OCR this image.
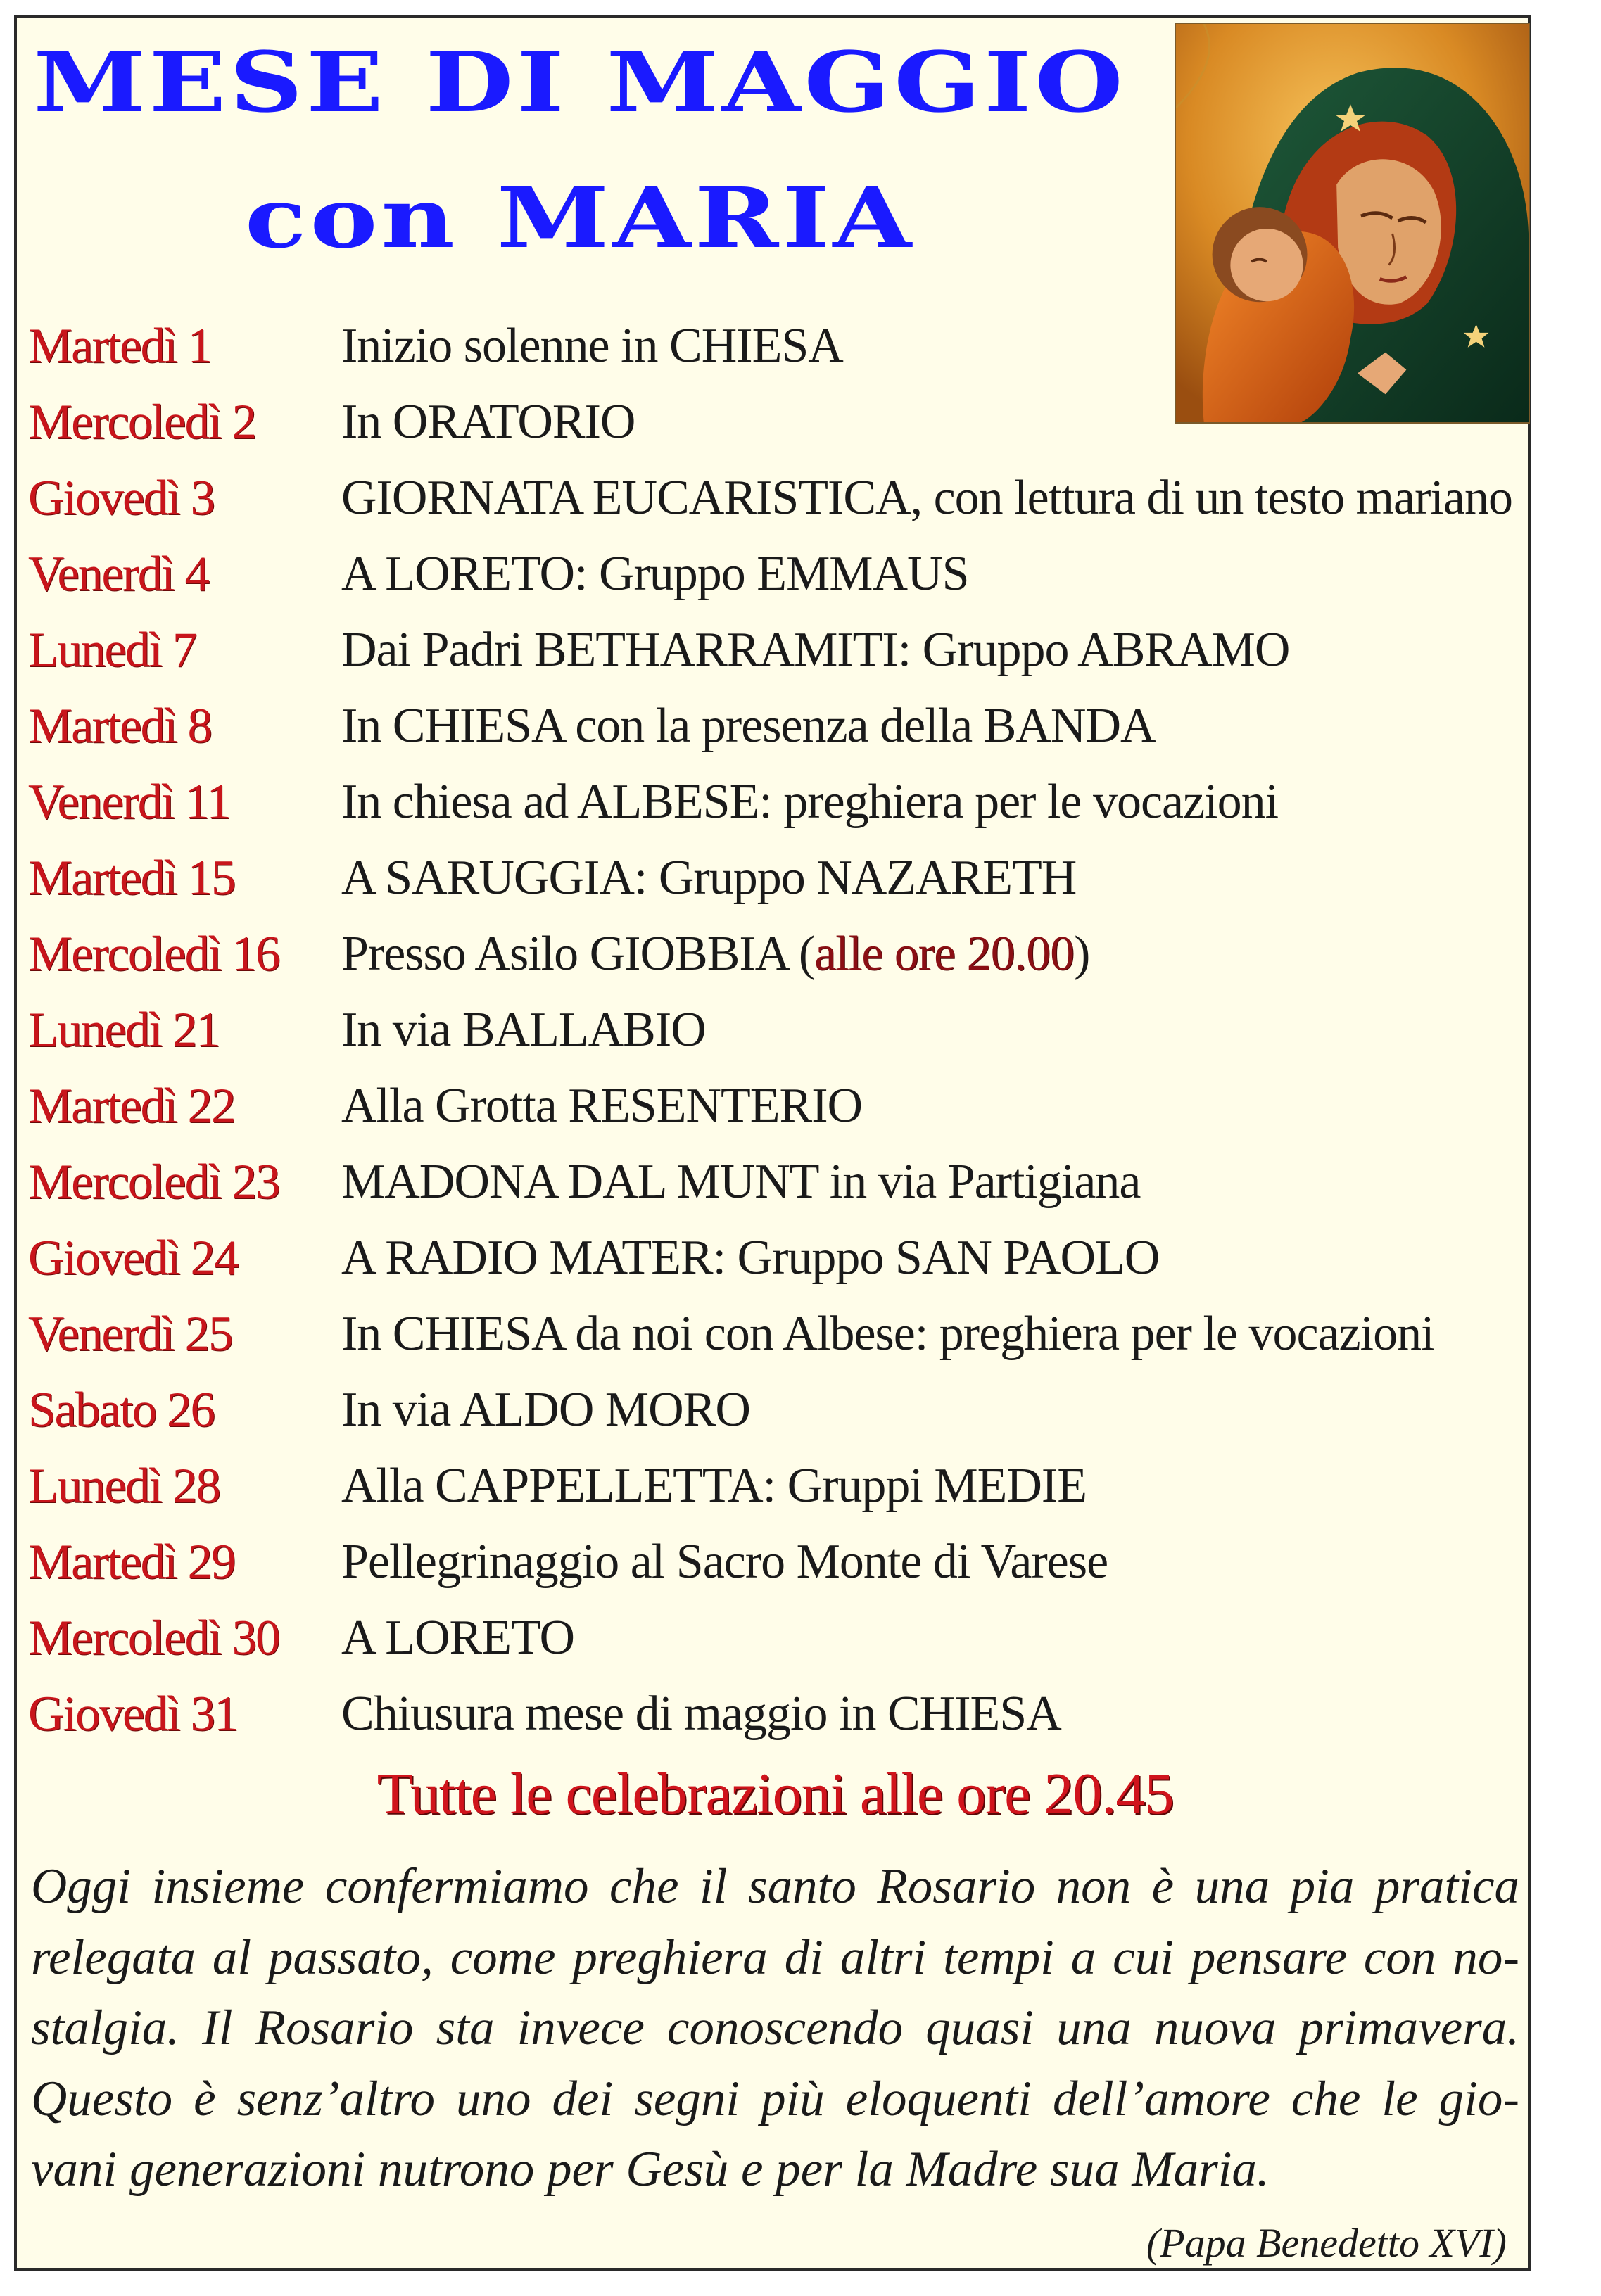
MESE DI MAGGIO
con MARIA
Martedì 1	Inizio solenne in CHIESA
Mercoledì 2	In ORATORIO
Giovedì 3	GIORNATA EUCARISTICA, con lettura di un testo mariano
Venerdì 4	A LORETO: Gruppo EMMAUS
Lunedì 7	Dai Padri BETHARRAMITI: Gruppo ABRAMO
Martedì 8	In CHIESA con la presenza della BANDA
Venerdì 11	In chiesa ad ALBESE: preghiera per le vocazioni
Martedì 15	A SARUGGIA: Gruppo NAZARETH
Mercoledì 16	Presso Asilo GIOBBIA (alle ore 20.00)
Lunedì 21	In via BALLABIO
Martedì 22	Alla Grotta RESENTERIO
Mercoledì 23	MADONA DAL MUNT in via Partigiana
Giovedì 24	A RADIO MATER: Gruppo SAN PAOLO
Venerdì 25	In CHIESA da noi con Albese: preghiera per le vocazioni
Sabato 26	In via ALDO MORO
Lunedì 28	Alla CAPPELLETTA: Gruppi MEDIE
Martedì 29	Pellegrinaggio al Sacro Monte di Varese
Mercoledì 30	A LORETO
Giovedì 31	Chiusura mese di maggio in CHIESA

Tutte le celebrazioni alle ore 20.45

Oggi insieme confermiamo che il santo Rosario non è una pia pratica
relegata al passato, come preghiera di altri tempi a cui pensare con no-
stalgia. Il Rosario sta invece conoscendo quasi una nuova primavera.
Questo è senz’altro uno dei segni più eloquenti dell’amore che le gio-
vani generazioni nutrono per Gesù e per la Madre sua Maria.

(Papa Benedetto XVI)
